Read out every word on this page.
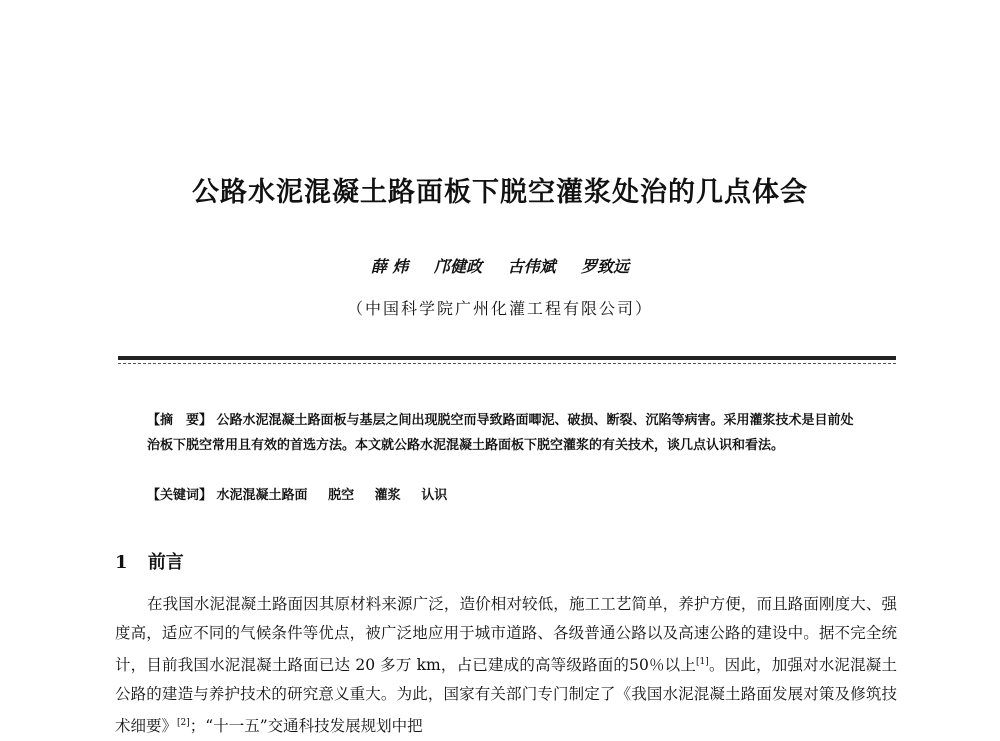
公路水泥混凝土路面板下脱空灌浆处治的几点体会
薛 炜 邝健政 古伟斌 罗致远
（中国科学院广州化灌工程有限公司）
【摘　要】 公路水泥混凝土路面板与基层之间出现脱空而导致路面唧泥、破损、断裂、沉陷等病害。采用灌浆技术是目前处治板下脱空常用且有效的首选方法。本文就公路水泥混凝土路面板下脱空灌浆的有关技术，谈几点认识和看法。
【关键词】 水泥混凝土路面 脱空 灌浆 认识
1 前言
在我国水泥混凝土路面因其原材料来源广泛，造价相对较低，施工工艺简单，养护方便，而且路面刚度大、强度高，适应不同的气候条件等优点，被广泛地应用于城市道路、各级普通公路以及高速公路的建设中。据不完全统计，目前我国水泥混凝土路面已达 20 多万 km，占已建成的高等级路面的50％以上[1]。因此，加强对水泥混凝土公路的建造与养护技术的研究意义重大。为此，国家有关部门专门制定了《我国水泥混凝土路面发展对策及修筑技术细要》[2]；“十一五”交通科技发展规划中把
